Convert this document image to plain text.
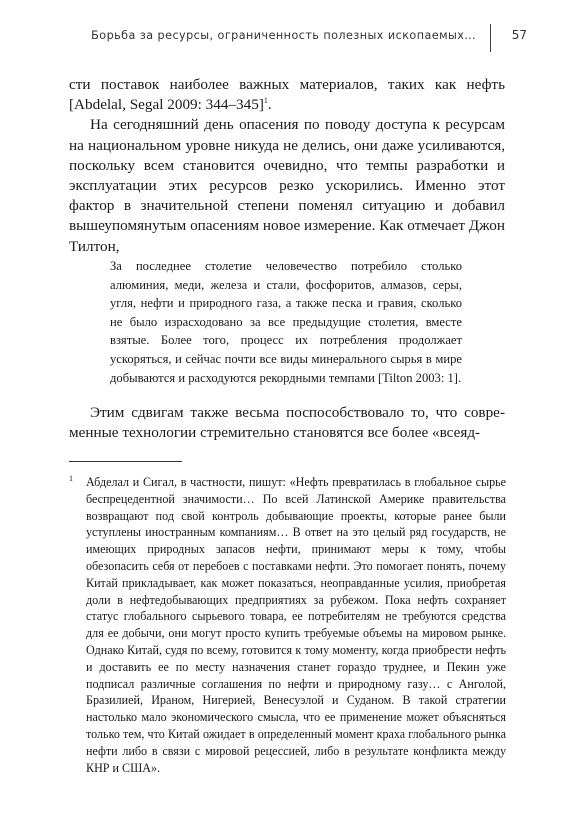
Борьба за ресурсы, ограниченность полезных ископаемых…	57

сти поставок наиболее важных материалов, таких как нефть [Abdelal, Segal 2009: 344–345]$^1$.

На сегодняшний день опасения по поводу доступа к ресурсам на национальном уровне никуда не делись, они даже усиливаются, поскольку всем становится очевидно, что темпы разработки и эксплуатации этих ресурсов резко ускорились. Именно этот фактор в значительной степени поменял ситуацию и добавил вышеупомянутым опасениям новое измерение. Как отмечает Джон Тилтон,

За последнее столетие человечество потребило столько алюминия, меди, железа и стали, фосфоритов, алмазов, серы, угля, нефти и природного газа, а также песка и гравия, сколько не было израсходовано за все предыдущие столетия, вместе взятые. Более того, процесс их потребления продолжает ускоряться, и сейчас почти все виды минерального сырья в мире добываются и расходуются рекордными темпами [Tilton 2003: 1].

Этим сдвигам также весьма поспособствовало то, что современные технологии стремительно становятся все более «всеяд-

1 Абделал и Сигал, в частности, пишут: «Нефть превратилась в глобальное сырье беспрецедентной значимости… По всей Латинской Америке правительства возвращают под свой контроль добывающие проекты, которые ранее были уступлены иностранным компаниям… В ответ на это целый ряд государств, не имеющих природных запасов нефти, принимают меры к тому, чтобы обезопасить себя от перебоев с поставками нефти. Это помогает понять, почему Китай прикладывает, как может показаться, неоправданные усилия, приобретая доли в нефтедобывающих предприятиях за рубежом. Пока нефть сохраняет статус глобального сырьевого товара, ее потребителям не требуются средства для ее добычи, они могут просто купить требуемые объемы на мировом рынке. Однако Китай, судя по всему, готовится к тому моменту, когда приобрести нефть и доставить ее по месту назначения станет гораздо труднее, и Пекин уже подписал различные соглашения по нефти и природному газу… с Анголой, Бразилией, Ираном, Нигерией, Венесуэлой и Суданом. В такой стратегии настолько мало экономического смысла, что ее применение может объясняться только тем, что Китай ожидает в определенный момент краха глобального рынка нефти либо в связи с мировой рецессией, либо в результате конфликта между КНР и США».
